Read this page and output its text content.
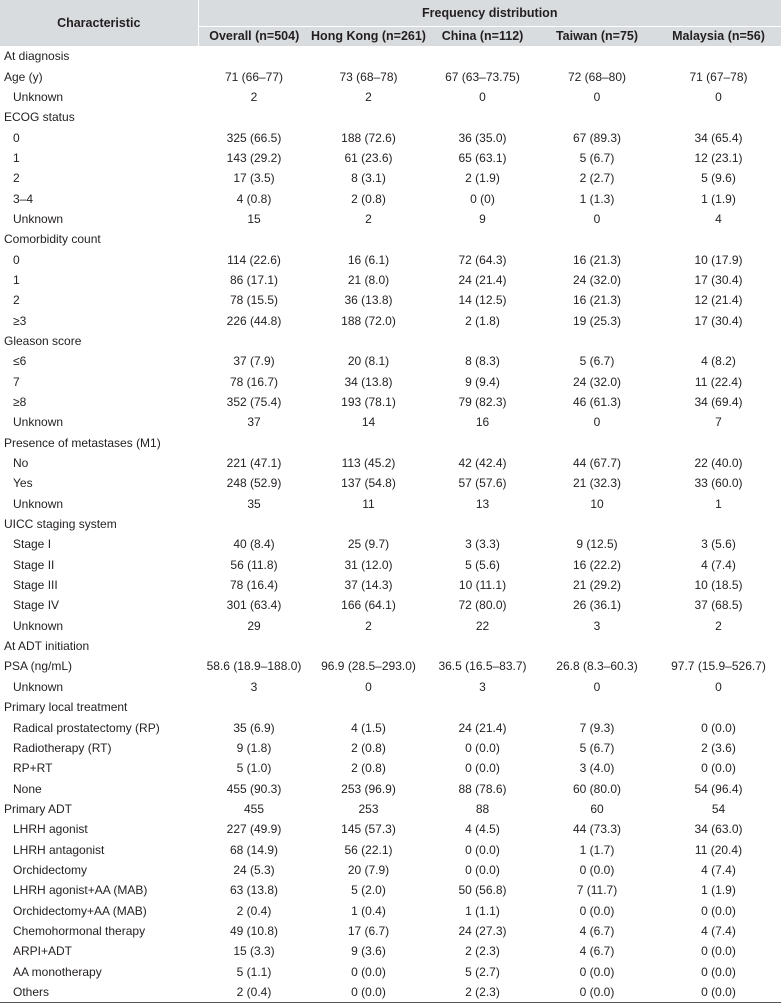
Characteristic	Frequency distribution				
	Overall (n=504)	Hong Kong (n=261)	China (n=112)	Taiwan (n=75)	Malaysia (n=56)
At diagnosis					
Age (y)	71 (66–77)	73 (68–78)	67 (63–73.75)	72 (68–80)	71 (67–78)
Unknown	2	2	0	0	0
ECOG status					
0	325 (66.5)	188 (72.6)	36 (35.0)	67 (89.3)	34 (65.4)
1	143 (29.2)	61 (23.6)	65 (63.1)	5 (6.7)	12 (23.1)
2	17 (3.5)	8 (3.1)	2 (1.9)	2 (2.7)	5 (9.6)
3–4	4 (0.8)	2 (0.8)	0 (0)	1 (1.3)	1 (1.9)
Unknown	15	2	9	0	4
Comorbidity count					
0	114 (22.6)	16 (6.1)	72 (64.3)	16 (21.3)	10 (17.9)
1	86 (17.1)	21 (8.0)	24 (21.4)	24 (32.0)	17 (30.4)
2	78 (15.5)	36 (13.8)	14 (12.5)	16 (21.3)	12 (21.4)
≥3	226 (44.8)	188 (72.0)	2 (1.8)	19 (25.3)	17 (30.4)
Gleason score					
≤6	37 (7.9)	20 (8.1)	8 (8.3)	5 (6.7)	4 (8.2)
7	78 (16.7)	34 (13.8)	9 (9.4)	24 (32.0)	11 (22.4)
≥8	352 (75.4)	193 (78.1)	79 (82.3)	46 (61.3)	34 (69.4)
Unknown	37	14	16	0	7
Presence of metastases (M1)					
No	221 (47.1)	113 (45.2)	42 (42.4)	44 (67.7)	22 (40.0)
Yes	248 (52.9)	137 (54.8)	57 (57.6)	21 (32.3)	33 (60.0)
Unknown	35	11	13	10	1
UICC staging system					
Stage I	40 (8.4)	25 (9.7)	3 (3.3)	9 (12.5)	3 (5.6)
Stage II	56 (11.8)	31 (12.0)	5 (5.6)	16 (22.2)	4 (7.4)
Stage III	78 (16.4)	37 (14.3)	10 (11.1)	21 (29.2)	10 (18.5)
Stage IV	301 (63.4)	166 (64.1)	72 (80.0)	26 (36.1)	37 (68.5)
Unknown	29	2	22	3	2
At ADT initiation					
PSA (ng/mL)	58.6 (18.9–188.0)	96.9 (28.5–293.0)	36.5 (16.5–83.7)	26.8 (8.3–60.3)	97.7 (15.9–526.7)
Unknown	3	0	3	0	0
Primary local treatment					
Radical prostatectomy (RP)	35 (6.9)	4 (1.5)	24 (21.4)	7 (9.3)	0 (0.0)
Radiotherapy (RT)	9 (1.8)	2 (0.8)	0 (0.0)	5 (6.7)	2 (3.6)
RP+RT	5 (1.0)	2 (0.8)	0 (0.0)	3 (4.0)	0 (0.0)
None	455 (90.3)	253 (96.9)	88 (78.6)	60 (80.0)	54 (96.4)
Primary ADT	455	253	88	60	54
LHRH agonist	227 (49.9)	145 (57.3)	4 (4.5)	44 (73.3)	34 (63.0)
LHRH antagonist	68 (14.9)	56 (22.1)	0 (0.0)	1 (1.7)	11 (20.4)
Orchidectomy	24 (5.3)	20 (7.9)	0 (0.0)	0 (0.0)	4 (7.4)
LHRH agonist+AA (MAB)	63 (13.8)	5 (2.0)	50 (56.8)	7 (11.7)	1 (1.9)
Orchidectomy+AA (MAB)	2 (0.4)	1 (0.4)	1 (1.1)	0 (0.0)	0 (0.0)
Chemohormonal therapy	49 (10.8)	17 (6.7)	24 (27.3)	4 (6.7)	4 (7.4)
ARPI+ADT	15 (3.3)	9 (3.6)	2 (2.3)	4 (6.7)	0 (0.0)
AA monotherapy	5 (1.1)	0 (0.0)	5 (2.7)	0 (0.0)	0 (0.0)
Others	2 (0.4)	0 (0.0)	2 (2.3)	0 (0.0)	0 (0.0)
